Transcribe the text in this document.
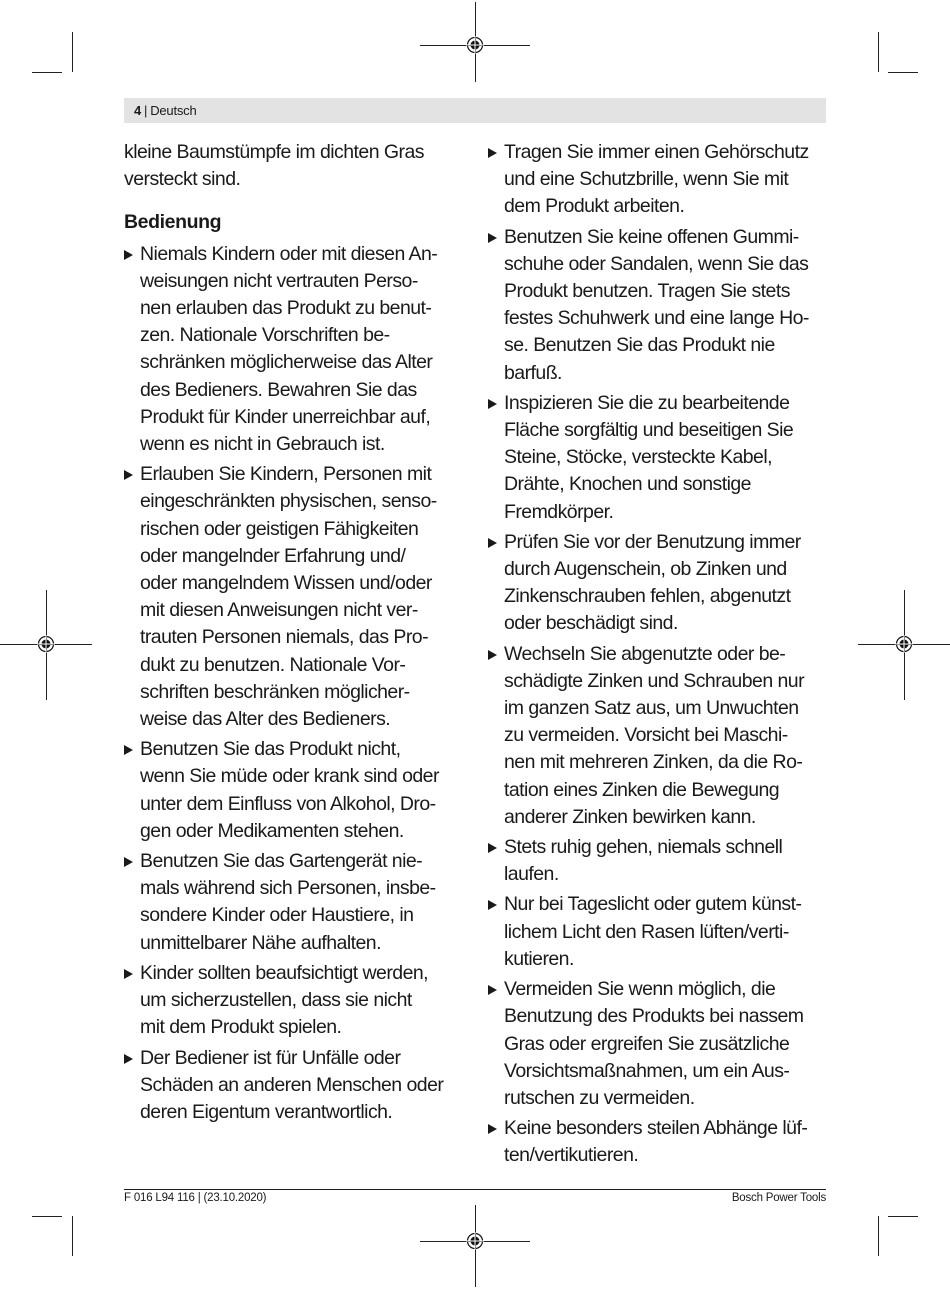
4 | Deutsch

kleine Baumstümpfe im dichten Gras
versteckt sind.

Bedienung
Niemals Kindern oder mit diesen An-
weisungen nicht vertrauten Perso-
nen erlauben das Produkt zu benut-
zen. Nationale Vorschriften be-
schränken möglicherweise das Alter
des Bedieners. Bewahren Sie das
Produkt für Kinder unerreichbar auf,
wenn es nicht in Gebrauch ist.
Erlauben Sie Kindern, Personen mit
eingeschränkten physischen, senso-
rischen oder geistigen Fähigkeiten
oder mangelnder Erfahrung und/
oder mangelndem Wissen und/oder
mit diesen Anweisungen nicht ver-
trauten Personen niemals, das Pro-
dukt zu benutzen. Nationale Vor-
schriften beschränken möglicher-
weise das Alter des Bedieners.
Benutzen Sie das Produkt nicht,
wenn Sie müde oder krank sind oder
unter dem Einfluss von Alkohol, Dro-
gen oder Medikamenten stehen.
Benutzen Sie das Gartengerät nie-
mals während sich Personen, insbe-
sondere Kinder oder Haustiere, in
unmittelbarer Nähe aufhalten.
Kinder sollten beaufsichtigt werden,
um sicherzustellen, dass sie nicht
mit dem Produkt spielen.
Der Bediener ist für Unfälle oder
Schäden an anderen Menschen oder
deren Eigentum verantwortlich.
Tragen Sie immer einen Gehörschutz
und eine Schutzbrille, wenn Sie mit
dem Produkt arbeiten.
Benutzen Sie keine offenen Gummi-
schuhe oder Sandalen, wenn Sie das
Produkt benutzen. Tragen Sie stets
festes Schuhwerk und eine lange Ho-
se. Benutzen Sie das Produkt nie
barfuß.
Inspizieren Sie die zu bearbeitende
Fläche sorgfältig und beseitigen Sie
Steine, Stöcke, versteckte Kabel,
Drähte, Knochen und sonstige
Fremdkörper.
Prüfen Sie vor der Benutzung immer
durch Augenschein, ob Zinken und
Zinkenschrauben fehlen, abgenutzt
oder beschädigt sind.
Wechseln Sie abgenutzte oder be-
schädigte Zinken und Schrauben nur
im ganzen Satz aus, um Unwuchten
zu vermeiden. Vorsicht bei Maschi-
nen mit mehreren Zinken, da die Ro-
tation eines Zinken die Bewegung
anderer Zinken bewirken kann.
Stets ruhig gehen, niemals schnell
laufen.
Nur bei Tageslicht oder gutem künst-
lichem Licht den Rasen lüften/verti-
kutieren.
Vermeiden Sie wenn möglich, die
Benutzung des Produkts bei nassem
Gras oder ergreifen Sie zusätzliche
Vorsichtsmaßnahmen, um ein Aus-
rutschen zu vermeiden.
Keine besonders steilen Abhänge lüf-
ten/vertikutieren.
F 016 L94 116 | (23.10.2020)	Bosch Power Tools
